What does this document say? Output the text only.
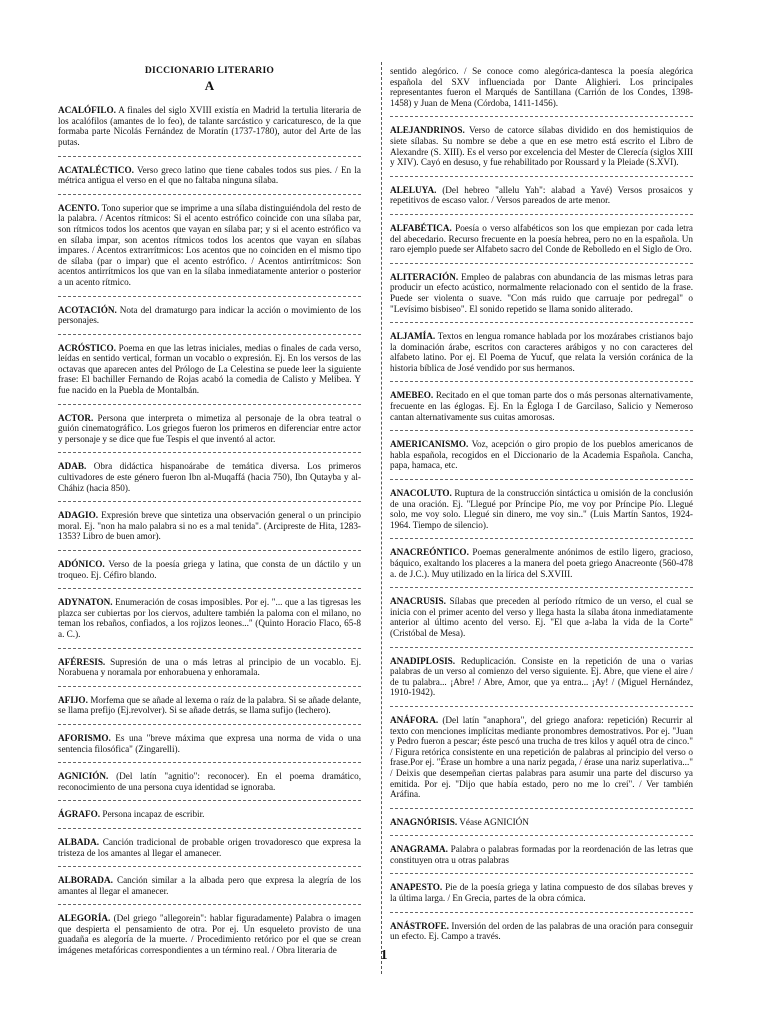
DICCIONARIO LITERARIO
A

ACALÓFILO. A finales del siglo XVIII existía en Madrid la tertulia literaria de los acalófilos (amantes de lo feo), de talante sarcástico y caricaturesco, de la que formaba parte Nicolás Fernández de Moratín (1737-1780), autor del Arte de las putas.

ACATALÉCTICO. Verso greco latino que tiene cabales todos sus pies. / En la métrica antigua el verso en el que no faltaba ninguna sílaba.

ACENTO. Tono superior que se imprime a una sílaba distinguiéndola del resto de la palabra. / Acentos rítmicos: Si el acento estrófico coincide con una sílaba par, son rítmicos todos los acentos que vayan en sílaba par; y si el acento estrófico va en sílaba impar, son acentos rítmicos todos los acentos que vayan en sílabas impares. / Acentos extrarrítmicos: Los acentos que no coinciden en el mismo tipo de sílaba (par o impar) que el acento estrófico. / Acentos antirrítmicos: Son acentos antirrítmicos los que van en la sílaba inmediatamente anterior o posterior a un acento rítmico.

ACOTACIÓN. Nota del dramaturgo para indicar la acción o movimiento de los personajes.

ACRÓSTICO. Poema en que las letras iniciales, medias o finales de cada verso, leídas en sentido vertical, forman un vocablo o expresión. Ej. En los versos de las octavas que aparecen antes del Prólogo de La Celestina se puede leer la siguiente frase: El bachiller Fernando de Rojas acabó la comedia de Calisto y Melibea. Y fue nacido en la Puebla de Montalbán.

ACTOR. Persona que interpreta o mimetiza al personaje de la obra teatral o guión cinematográfico. Los griegos fueron los primeros en diferenciar entre actor y personaje y se dice que fue Tespis el que inventó al actor.

ADAB. Obra didáctica hispanoárabe de temática diversa. Los primeros cultivadores de este género fueron Ibn al-Muqaffá (hacia 750), Ibn Qutayba y al-Cháhiz (hacia 850).

ADAGIO. Expresión breve que sintetiza una observación general o un principio moral. Ej. "non ha malo palabra si no es a mal tenida". (Arcipreste de Hita, 1283-1353? Libro de buen amor).

ADÓNICO. Verso de la poesía griega y latina, que consta de un dáctilo y un troqueo. Ej. Céfiro blando.

ADYNATON. Enumeración de cosas imposibles. Por ej. "... que a las tigresas les plazca ser cubiertas por los ciervos, adultere también la paloma con el milano, no teman los rebaños, confiados, a los rojizos leones..." (Quinto Horacio Flaco, 65-8 a. C.).

AFÉRESIS. Supresión de una o más letras al principio de un vocablo. Ej. Norabuena y noramala por enhorabuena y enhoramala.

AFIJO. Morfema que se añade al lexema o raíz de la palabra. Si se añade delante, se llama prefijo (Ej.revolver). Si se añade detrás, se llama sufijo (lechero).

AFORISMO. Es una "breve máxima que expresa una norma de vida o una sentencia filosófica" (Zingarelli).

AGNICIÓN. (Del latín "agnitio": reconocer). En el poema dramático, reconocimiento de una persona cuya identidad se ignoraba.

ÁGRAFO. Persona incapaz de escribir.

ALBADA. Canción tradicional de probable origen trovadoresco que expresa la tristeza de los amantes al llegar el amanecer.

ALBORADA. Canción similar a la albada pero que expresa la alegría de los amantes al llegar el amanecer.

ALEGORÍA. (Del griego "allegorein": hablar figuradamente) Palabra o imagen que despierta el pensamiento de otra. Por ej. Un esqueleto provisto de una guadaña es alegoría de la muerte. / Procedimiento retórico por el que se crean imágenes metafóricas correspondientes a un término real. / Obra literaria de

sentido alegórico. / Se conoce como alegórica-dantesca la poesía alegórica española del SXV influenciada por Dante Alighieri. Los principales representantes fueron el Marqués de Santillana (Carrión de los Condes, 1398-1458) y Juan de Mena (Córdoba, 1411-1456).

ALEJANDRINOS. Verso de catorce sílabas dividido en dos hemistiquios de siete sílabas. Su nombre se debe a que en ese metro está escrito el Libro de Alexandre (S. XIII). Es el verso por excelencia del Mester de Clerecía (siglos XIII y XIV). Cayó en desuso, y fue rehabilitado por Roussard y la Pleiade (S.XVI).

ALELUYA. (Del hebreo "allelu Yah": alabad a Yavé) Versos prosaicos y repetitivos de escaso valor. / Versos pareados de arte menor.

ALFABÉTICA. Poesía o verso alfabéticos son los que empiezan por cada letra del abecedario. Recurso frecuente en la poesía hebrea, pero no en la española. Un raro ejemplo puede ser Alfabeto sacro del Conde de Rebolledo en el Siglo de Oro.

ALITERACIÓN. Empleo de palabras con abundancia de las mismas letras para producir un efecto acústico, normalmente relacionado con el sentido de la frase. Puede ser violenta o suave. "Con más ruido que carruaje por pedregal" o "Levísimo bisbiseo". El sonido repetido se llama sonido aliterado.

ALJAMÍA. Textos en lengua romance hablada por los mozárabes cristianos bajo la dominación árabe, escritos con caracteres arábigos y no con caracteres del alfabeto latino. Por ej. El Poema de Yucuf, que relata la versión coránica de la historia bíblica de José vendido por sus hermanos.

AMEBEO. Recitado en el que toman parte dos o más personas alternativamente, frecuente en las églogas. Ej. En la Égloga I de Garcilaso, Salicio y Nemeroso cantan alternativamente sus cuitas amorosas.

AMERICANISMO. Voz, acepción o giro propio de los pueblos americanos de habla española, recogidos en el Diccionario de la Academia Española. Cancha, papa, hamaca, etc.

ANACOLUTO. Ruptura de la construcción sintáctica u omisión de la conclusión de una oración. Ej. "Llegué por Príncipe Pío, me voy por Príncipe Pío. Llegué solo, me voy solo. Llegué sin dinero, me voy sin.." (Luis Martín Santos, 1924-1964. Tiempo de silencio).

ANACREÓNTICO. Poemas generalmente anónimos de estilo ligero, gracioso, báquico, exaltando los placeres a la manera del poeta griego Anacreonte (560-478 a. de J.C.). Muy utilizado en la lírica del S.XVIII.

ANACRUSIS. Sílabas que preceden al período rítmico de un verso, el cual se inicia con el primer acento del verso y llega hasta la sílaba átona inmediatamente anterior al último acento del verso. Ej. "El que a-laba la vida de la Corte" (Cristóbal de Mesa).

ANADIPLOSIS. Reduplicación. Consiste en la repetición de una o varias palabras de un verso al comienzo del verso siguiente. Ej. Abre, que viene el aire / de tu palabra... ¡Abre! / Abre, Amor, que ya entra... ¡Ay! / (Miguel Hernández, 1910-1942).

ANÁFORA. (Del latín "anaphora", del griego anafora: repetición) Recurrir al texto con menciones implícitas mediante pronombres demostrativos. Por ej. "Juan y Pedro fueron a pescar; éste pescó una trucha de tres kilos y aquél otra de cinco." / Figura retórica consistente en una repetición de palabras al principio del verso o frase.Por ej. "Érase un hombre a una nariz pegada, / érase una nariz superlativa..." / Deixis que desempeñan ciertas palabras para asumir una parte del discurso ya emitida. Por ej. "Dijo que había estado, pero no me lo creí". / Ver también Aráfina.

ANAGNÓRISIS. Véase AGNICIÓN

ANAGRAMA. Palabra o palabras formadas por la reordenación de las letras que constituyen otra u otras palabras

ANAPESTO. Pie de la poesía griega y latina compuesto de dos sílabas breves y la última larga. / En Grecia, partes de la obra cómica.

ANÁSTROFE. Inversión del orden de las palabras de una oración para conseguir un efecto. Ej. Campo a través.

1
